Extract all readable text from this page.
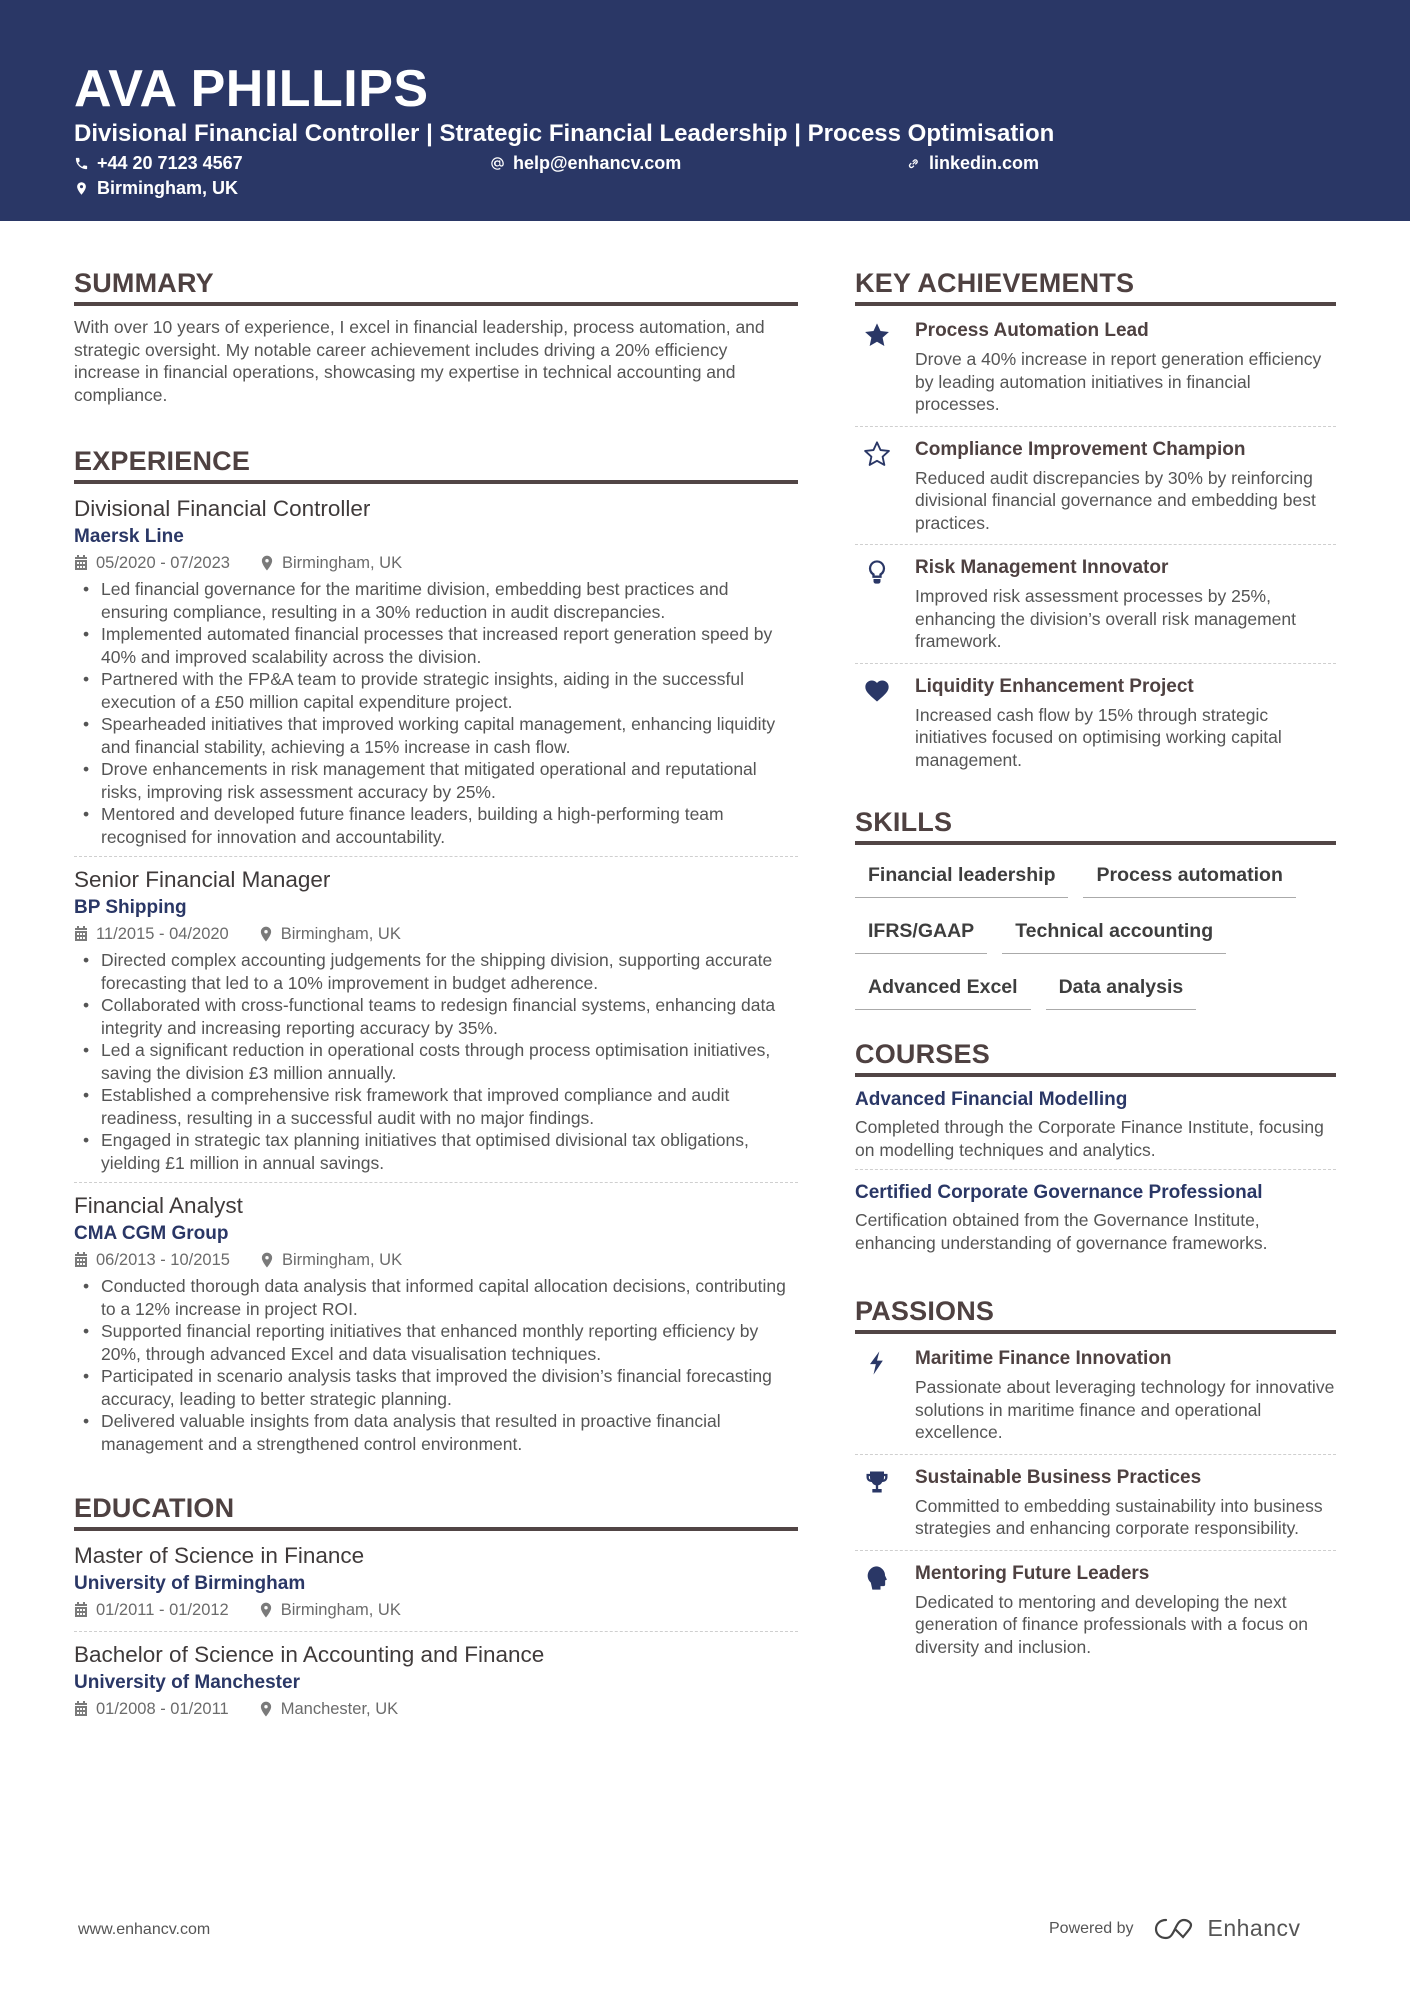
AVA PHILLIPS
Divisional Financial Controller | Strategic Financial Leadership | Process Optimisation
+44 20 7123 4567	help@enhancv.com	linkedin.com
Birmingham, UK
SUMMARY

With over 10 years of experience, I excel in financial leadership, process automation, and strategic oversight. My notable career achievement includes driving a 20% efficiency increase in financial operations, showcasing my expertise in technical accounting and compliance.

EXPERIENCE
Divisional Financial Controller
Maersk Line
05/2020 - 07/2023	Birmingham, UK
• Led financial governance for the maritime division, embedding best practices and ensuring compliance, resulting in a 30% reduction in audit discrepancies.
• Implemented automated financial processes that increased report generation speed by 40% and improved scalability across the division.
• Partnered with the FP&A team to provide strategic insights, aiding in the successful execution of a £50 million capital expenditure project.
• Spearheaded initiatives that improved working capital management, enhancing liquidity and financial stability, achieving a 15% increase in cash flow.
• Drove enhancements in risk management that mitigated operational and reputational risks, improving risk assessment accuracy by 25%.
• Mentored and developed future finance leaders, building a high-performing team recognised for innovation and accountability.
Senior Financial Manager
BP Shipping
11/2015 - 04/2020	Birmingham, UK
• Directed complex accounting judgements for the shipping division, supporting accurate forecasting that led to a 10% improvement in budget adherence.
• Collaborated with cross-functional teams to redesign financial systems, enhancing data integrity and increasing reporting accuracy by 35%.
• Led a significant reduction in operational costs through process optimisation initiatives, saving the division £3 million annually.
• Established a comprehensive risk framework that improved compliance and audit readiness, resulting in a successful audit with no major findings.
• Engaged in strategic tax planning initiatives that optimised divisional tax obligations, yielding £1 million in annual savings.
Financial Analyst
CMA CGM Group
06/2013 - 10/2015	Birmingham, UK
• Conducted thorough data analysis that informed capital allocation decisions, contributing to a 12% increase in project ROI.
• Supported financial reporting initiatives that enhanced monthly reporting efficiency by 20%, through advanced Excel and data visualisation techniques.
• Participated in scenario analysis tasks that improved the division’s financial forecasting accuracy, leading to better strategic planning.
• Delivered valuable insights from data analysis that resulted in proactive financial management and a strengthened control environment.
EDUCATION
Master of Science in Finance
University of Birmingham
01/2011 - 01/2012	Birmingham, UK
Bachelor of Science in Accounting and Finance
University of Manchester
01/2008 - 01/2011	Manchester, UK
KEY ACHIEVEMENTS
Process Automation Lead
Drove a 40% increase in report generation efficiency by leading automation initiatives in financial processes.
Compliance Improvement Champion
Reduced audit discrepancies by 30% by reinforcing divisional financial governance and embedding best practices.
Risk Management Innovator
Improved risk assessment processes by 25%, enhancing the division’s overall risk management framework.
Liquidity Enhancement Project
Increased cash flow by 15% through strategic initiatives focused on optimising working capital management.
SKILLS
Financial leadership	Process automation
IFRS/GAAP	Technical accounting
Advanced Excel	Data analysis
COURSES
Advanced Financial Modelling
Completed through the Corporate Finance Institute, focusing on modelling techniques and analytics.
Certified Corporate Governance Professional
Certification obtained from the Governance Institute, enhancing understanding of governance frameworks.
PASSIONS
Maritime Finance Innovation
Passionate about leveraging technology for innovative solutions in maritime finance and operational excellence.
Sustainable Business Practices
Committed to embedding sustainability into business strategies and enhancing corporate responsibility.
Mentoring Future Leaders
Dedicated to mentoring and developing the next generation of finance professionals with a focus on diversity and inclusion.
www.enhancv.com	Powered by	Enhancv
